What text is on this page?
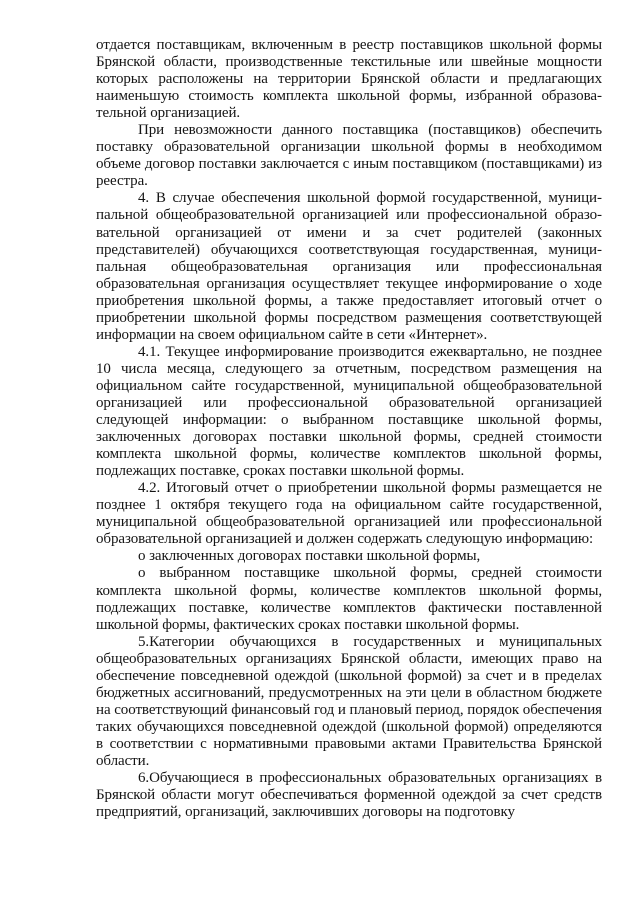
отдается поставщикам, включенным в реестр поставщиков школьной формы Брянской области, производственные текстильные или швейные мощности которых расположены на территории Брянской области и предлагающих наименьшую стоимость комплекта школьной формы, избранной образовательной организацией.

При невозможности данного поставщика (поставщиков) обеспечить поставку образовательной организации школьной формы в необходимом объеме договор поставки заключается с иным поставщиком (поставщиками) из реестра.

4. В случае обеспечения школьной формой государственной, муниципальной общеобразовательной организацией или профессиональной образовательной организацией от имени и за счет родителей (законных представителей) обучающихся соответствующая государственная, муниципальная общеобразовательная организация или профессиональная образовательная организация осуществляет текущее информирование о ходе приобретения школьной формы, а также предоставляет итоговый отчет о приобретении школьной формы посредством размещения соответствующей информации на своем официальном сайте в сети «Интернет».

4.1. Текущее информирование производится ежеквартально, не позднее 10 числа месяца, следующего за отчетным, посредством размещения на официальном сайте государственной, муниципальной общеобразовательной организацией или профессиональной образовательной организацией следующей информации: о выбранном поставщике школьной формы, заключенных договорах поставки школьной формы, средней стоимости комплекта школьной формы, количестве комплектов школьной формы, подлежащих поставке, сроках поставки школьной формы.

4.2. Итоговый отчет о приобретении школьной формы размещается не позднее 1 октября текущего года на официальном сайте государственной, муниципальной общеобразовательной организацией или профессиональной образовательной организацией и должен содержать следующую информацию:

о заключенных договорах поставки школьной формы,

о выбранном поставщике школьной формы, средней стоимости комплекта школьной формы, количестве комплектов школьной формы, подлежащих поставке, количестве комплектов фактически поставленной школьной формы, фактических сроках поставки школьной формы.

5.Категории обучающихся в государственных и муниципальных общеобразовательных организациях Брянской области, имеющих право на обеспечение повседневной одеждой (школьной формой) за счет и в пределах бюджетных ассигнований, предусмотренных на эти цели в областном бюджете на соответствующий финансовый год и плановый период, порядок обеспечения таких обучающихся повседневной одеждой (школьной формой) определяются в соответствии с нормативными правовыми актами Правительства Брянской области.

6.Обучающиеся в профессиональных образовательных организациях в Брянской области могут обеспечиваться форменной одеждой за счет средств предприятий, организаций, заключивших договоры на подготовку
